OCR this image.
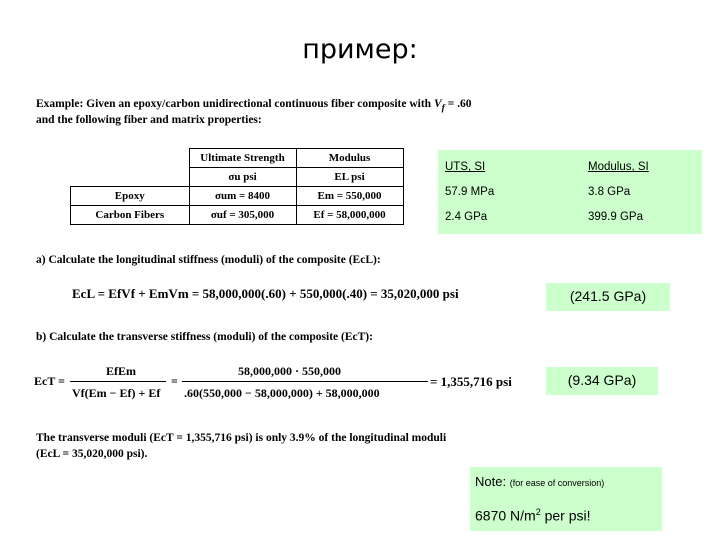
пример:
Example: Given an epoxy/carbon unidirectional continuous fiber composite with $V_f = .60$
and the following fiber and matrix properties:
	Ultimate Strength	Modulus
	σu psi	EL psi
Epoxy	σum = 8400	Em = 550,000
Carbon Fibers	σuf = 305,000	Ef = 58,000,000
UTS, SI	Modulus, SI
57.9 MPa	3.8 GPa
2.4 GPa	399.9 GPa
a) Calculate the longitudinal stiffness (moduli) of the composite (EcL):
EcL = EfVf + EmVm = 58,000,000(.60) + 550,000(.40) = 35,020,000 psi	(241.5 GPa)
b) Calculate the transverse stiffness (moduli) of the composite (EcT):
EcT =
EfEm
Vf(Em − Ef) + Ef
=
58,000,000 · 550,000
.60(550,000 − 58,000,000) + 58,000,000
= 1,355,716 psi	(9.34 GPa)
The transverse moduli (EcT = 1,355,716 psi) is only 3.9% of the longitudinal moduli
(EcL = 35,020,000 psi).
Note: (for ease of conversion)
6870 $N/m^2$ per psi!
